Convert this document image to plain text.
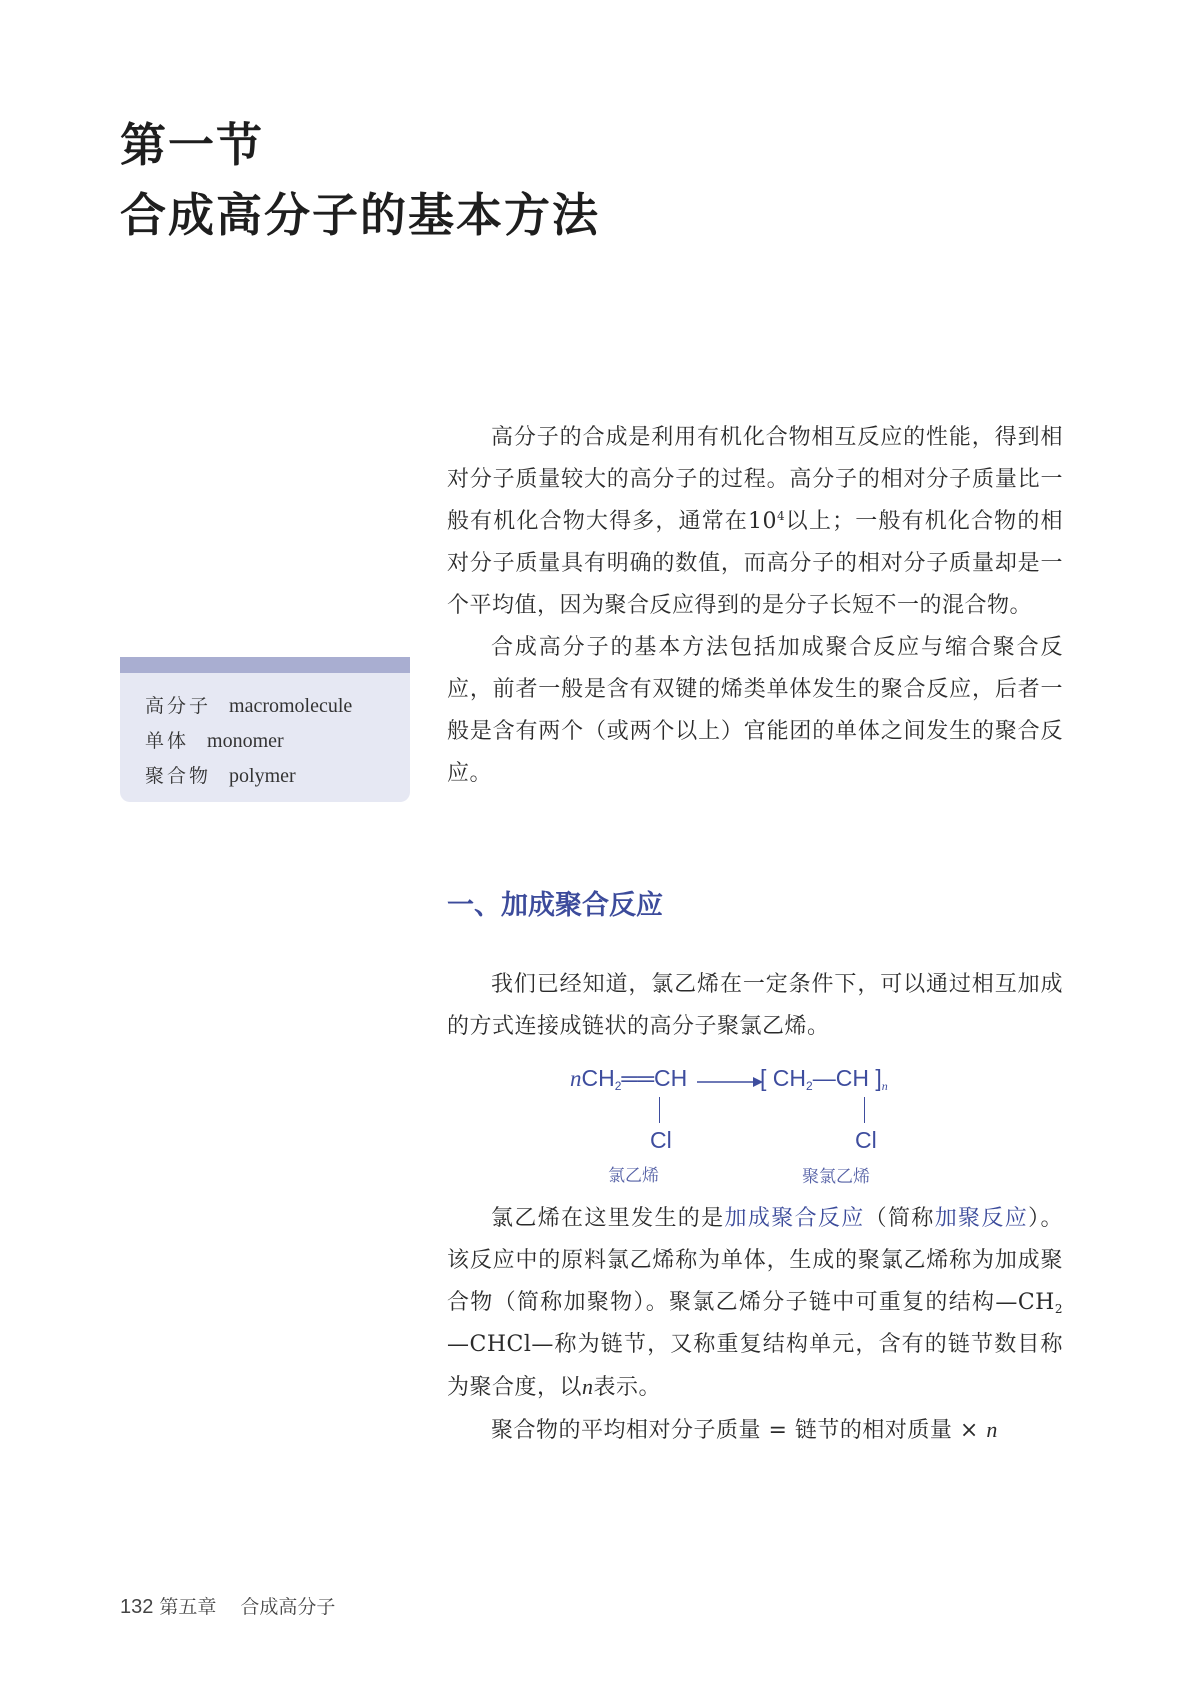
第一节
合成高分子的基本方法
高分子 macromolecule
单体 monomer
聚合物 polymer

高分子的合成是利用有机化合物相互反应的性能，得到相对分子质量较大的高分子的过程。高分子的相对分子质量比一般有机化合物大得多，通常在$10^4$以上；一般有机化合物的相对分子质量具有明确的数值，而高分子的相对分子质量却是一个平均值，因为聚合反应得到的是分子长短不一的混合物。

合成高分子的基本方法包括加成聚合反应与缩合聚合反应，前者一般是含有双键的烯类单体发生的聚合反应，后者一般是含有两个（或两个以上）官能团的单体之间发生的聚合反应。

一、加成聚合反应

我们已经知道，氯乙烯在一定条件下，可以通过相互加成的方式连接成链状的高分子聚氯乙烯。

nCH$_2$══CH →
[ $CH_2—CH$ ]$_n$
Cl	Cl
氯乙烯	聚氯乙烯

氯乙烯在这里发生的是加成聚合反应（简称加聚反应）。该反应中的原料氯乙烯称为单体，生成的聚氯乙烯称为加成聚合物（简称加聚物）。聚氯乙烯分子链中可重复的结构$—CH_2—CHCl—$称为链节，又称重复结构单元，含有的链节数目称为聚合度，以n表示。

聚合物的平均相对分子质量 = 链节的相对质量 × n

132 第五章 合成高分子
